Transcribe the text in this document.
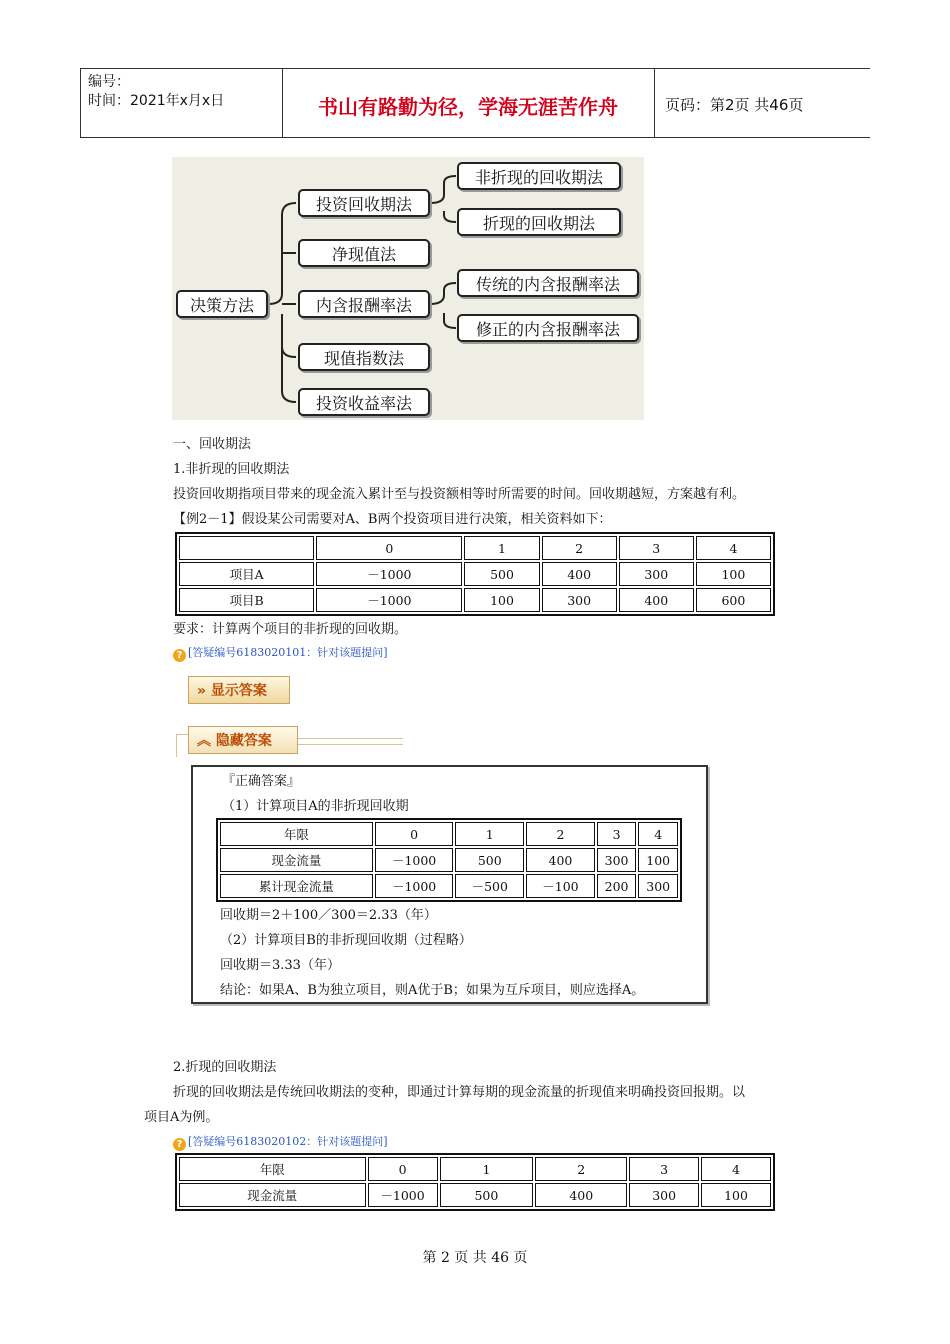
编号：
时间：2021年x月x日	书山有路勤为径，学海无涯苦作舟	页码：第2页 共46页
决策方法
投资回收期法
净现值法
内含报酬率法
现值指数法
投资收益率法
非折现的回收期法
折现的回收期法
传统的内含报酬率法
修正的内含报酬率法
一、回收期法
1.非折现的回收期法
投资回收期指项目带来的现金流入累计至与投资额相等时所需要的时间。回收期越短，方案越有利。
【例2－1】假设某公司需要对A、B两个投资项目进行决策，相关资料如下：
	0	1	2	3	4
项目A	－1000	500	400	300	100
项目B	－1000	100	300	400	600
要求：计算两个项目的非折现的回收期。
? [答疑编号6183020101：针对该题提问]
» 显示答案
︽ 隐藏答案
『正确答案』
（1）计算项目A的非折现回收期
年限	0	1	2	3	4
现金流量	－1000	500	400	300	100
累计现金流量	－1000	－500	－100	200	300
回收期＝2＋100／300＝2.33（年）
（2）计算项目B的非折现回收期（过程略）
回收期＝3.33（年）
结论：如果A、B为独立项目，则A优于B；如果为互斥项目，则应选择A。
2.折现的回收期法
折现的回收期法是传统回收期法的变种，即通过计算每期的现金流量的折现值来明确投资回报期。以
项目A为例。
? [答疑编号6183020102：针对该题提问]
年限	0	1	2	3	4
现金流量	－1000	500	400	300	100
第 2 页 共 46 页
